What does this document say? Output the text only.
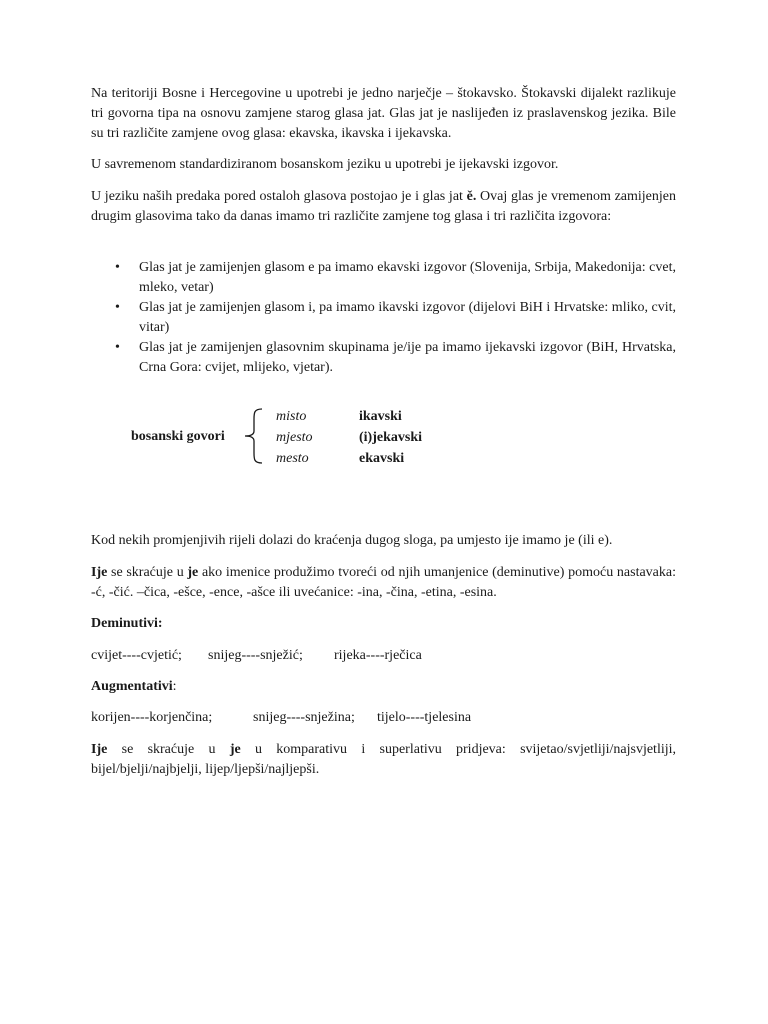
Na teritoriji Bosne i Hercegovine u upotrebi je jedno narječje – štokavsko. Štokavski dijalekt razlikuje tri govorna tipa na osnovu zamjene starog glasa jat. Glas jat je naslijeđen iz praslavenskog jezika. Bile su tri različite zamjene ovog glasa: ekavska, ikavska i ijekavska.

U savremenom standardiziranom bosanskom jeziku u upotrebi je ijekavski izgovor.

U jeziku naših predaka pored ostaloh glasova postojao je i glas jat ě. Ovaj glas je vremenom zamijenjen drugim glasovima tako da danas imamo tri različite zamjene tog glasa i tri različita izgovora:

• Glas jat je zamijenjen glasom e pa imamo ekavski izgovor (Slovenija, Srbija, Makedonija: cvet, mleko, vetar)
• Glas jat je zamijenjen glasom i, pa imamo ikavski izgovor (dijelovi BiH i Hrvatske: mliko, cvit, vitar)
• Glas jat je zamijenjen glasovnim skupinama je/ije pa imamo ijekavski izgovor (BiH, Hrvatska, Crna Gora: cvijet, mlijeko, vjetar).
bosanski govori
misto	ikavski
mjesto	(i)jekavski
mesto	ekavski

Kod nekih promjenjivih rijeli dolazi do kraćenja dugog sloga, pa umjesto ije imamo je (ili e).

Ije se skraćuje u je ako imenice produžimo tvoreći od njih umanjenice (deminutive) pomoću nastavaka: -ć, -čić. –čica, -ešce, -ence, -ašce ili uvećanice: -ina, -čina, -etina, -esina.

Deminutivi:

cvijet----cvjetić; snijeg----snježić; rijeka----rječica

Augmentativi:

korijen----korjenčina;	snijeg----snježina; tijelo----tjelesina

Ije se skraćuje u je u komparativu i superlativu pridjeva: svijetao/svjetliji/najsvjetliji, bijel/bjelji/najbjelji, lijep/ljepši/najljepši.
